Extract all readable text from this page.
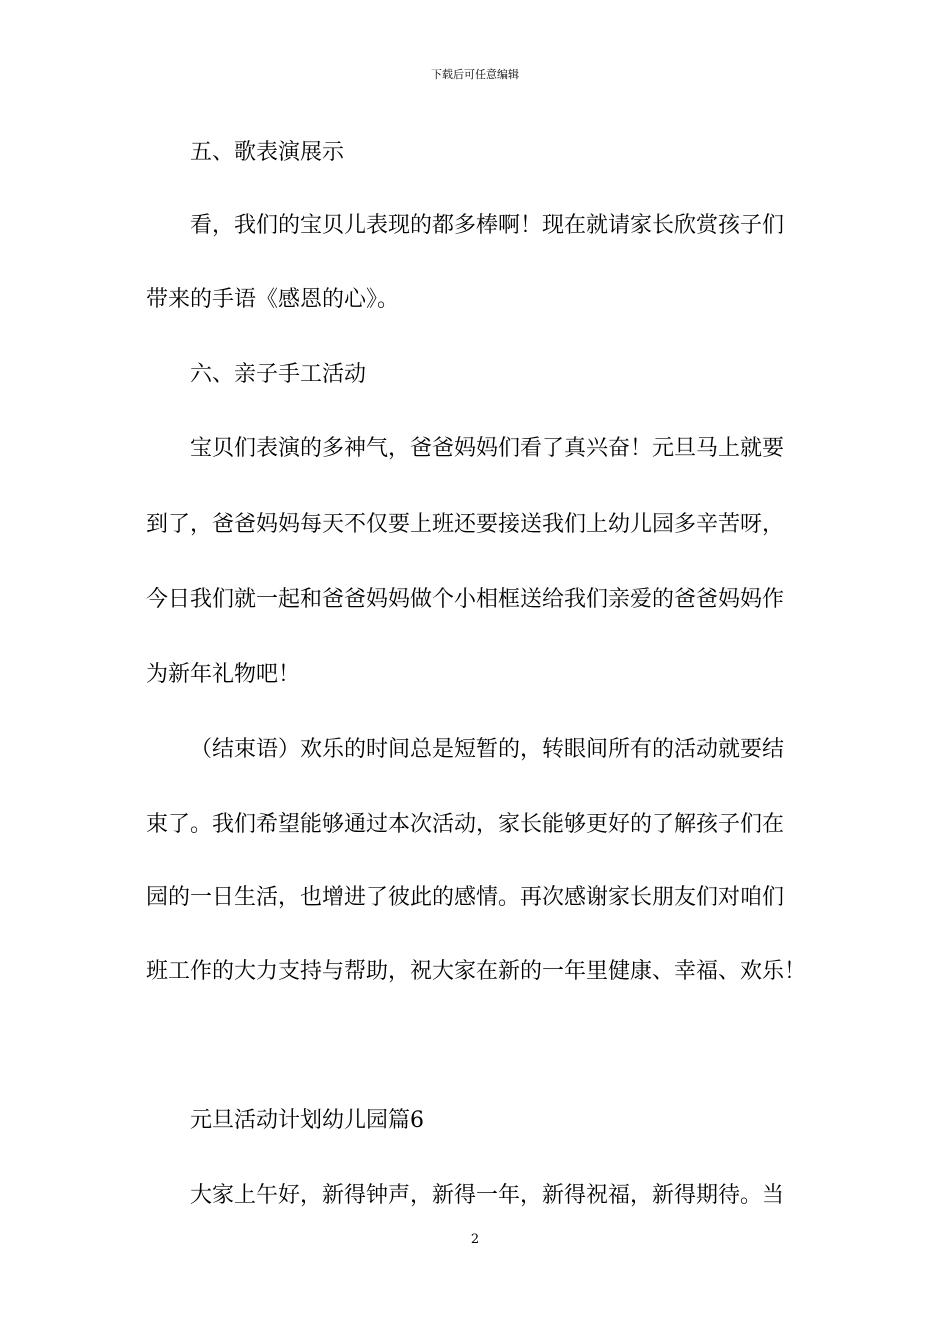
下载后可任意编辑
五、歌表演展示
看，我们的宝贝儿表现的都多棒啊！现在就请家长欣赏孩子们
带来的手语《感恩的心》。
六、亲子手工活动
宝贝们表演的多神气，爸爸妈妈们看了真兴奋！元旦马上就要
到了，爸爸妈妈每天不仅要上班还要接送我们上幼儿园多辛苦呀，
今日我们就一起和爸爸妈妈做个小相框送给我们亲爱的爸爸妈妈作
为新年礼物吧！
（结束语）欢乐的时间总是短暂的，转眼间所有的活动就要结
束了。我们希望能够通过本次活动，家长能够更好的了解孩子们在
园的一日生活，也增进了彼此的感情。再次感谢家长朋友们对咱们
班工作的大力支持与帮助，祝大家在新的一年里健康、幸福、欢乐！
元旦活动计划幼儿园篇6
大家上午好，新得钟声，新得一年，新得祝福，新得期待。当
2
